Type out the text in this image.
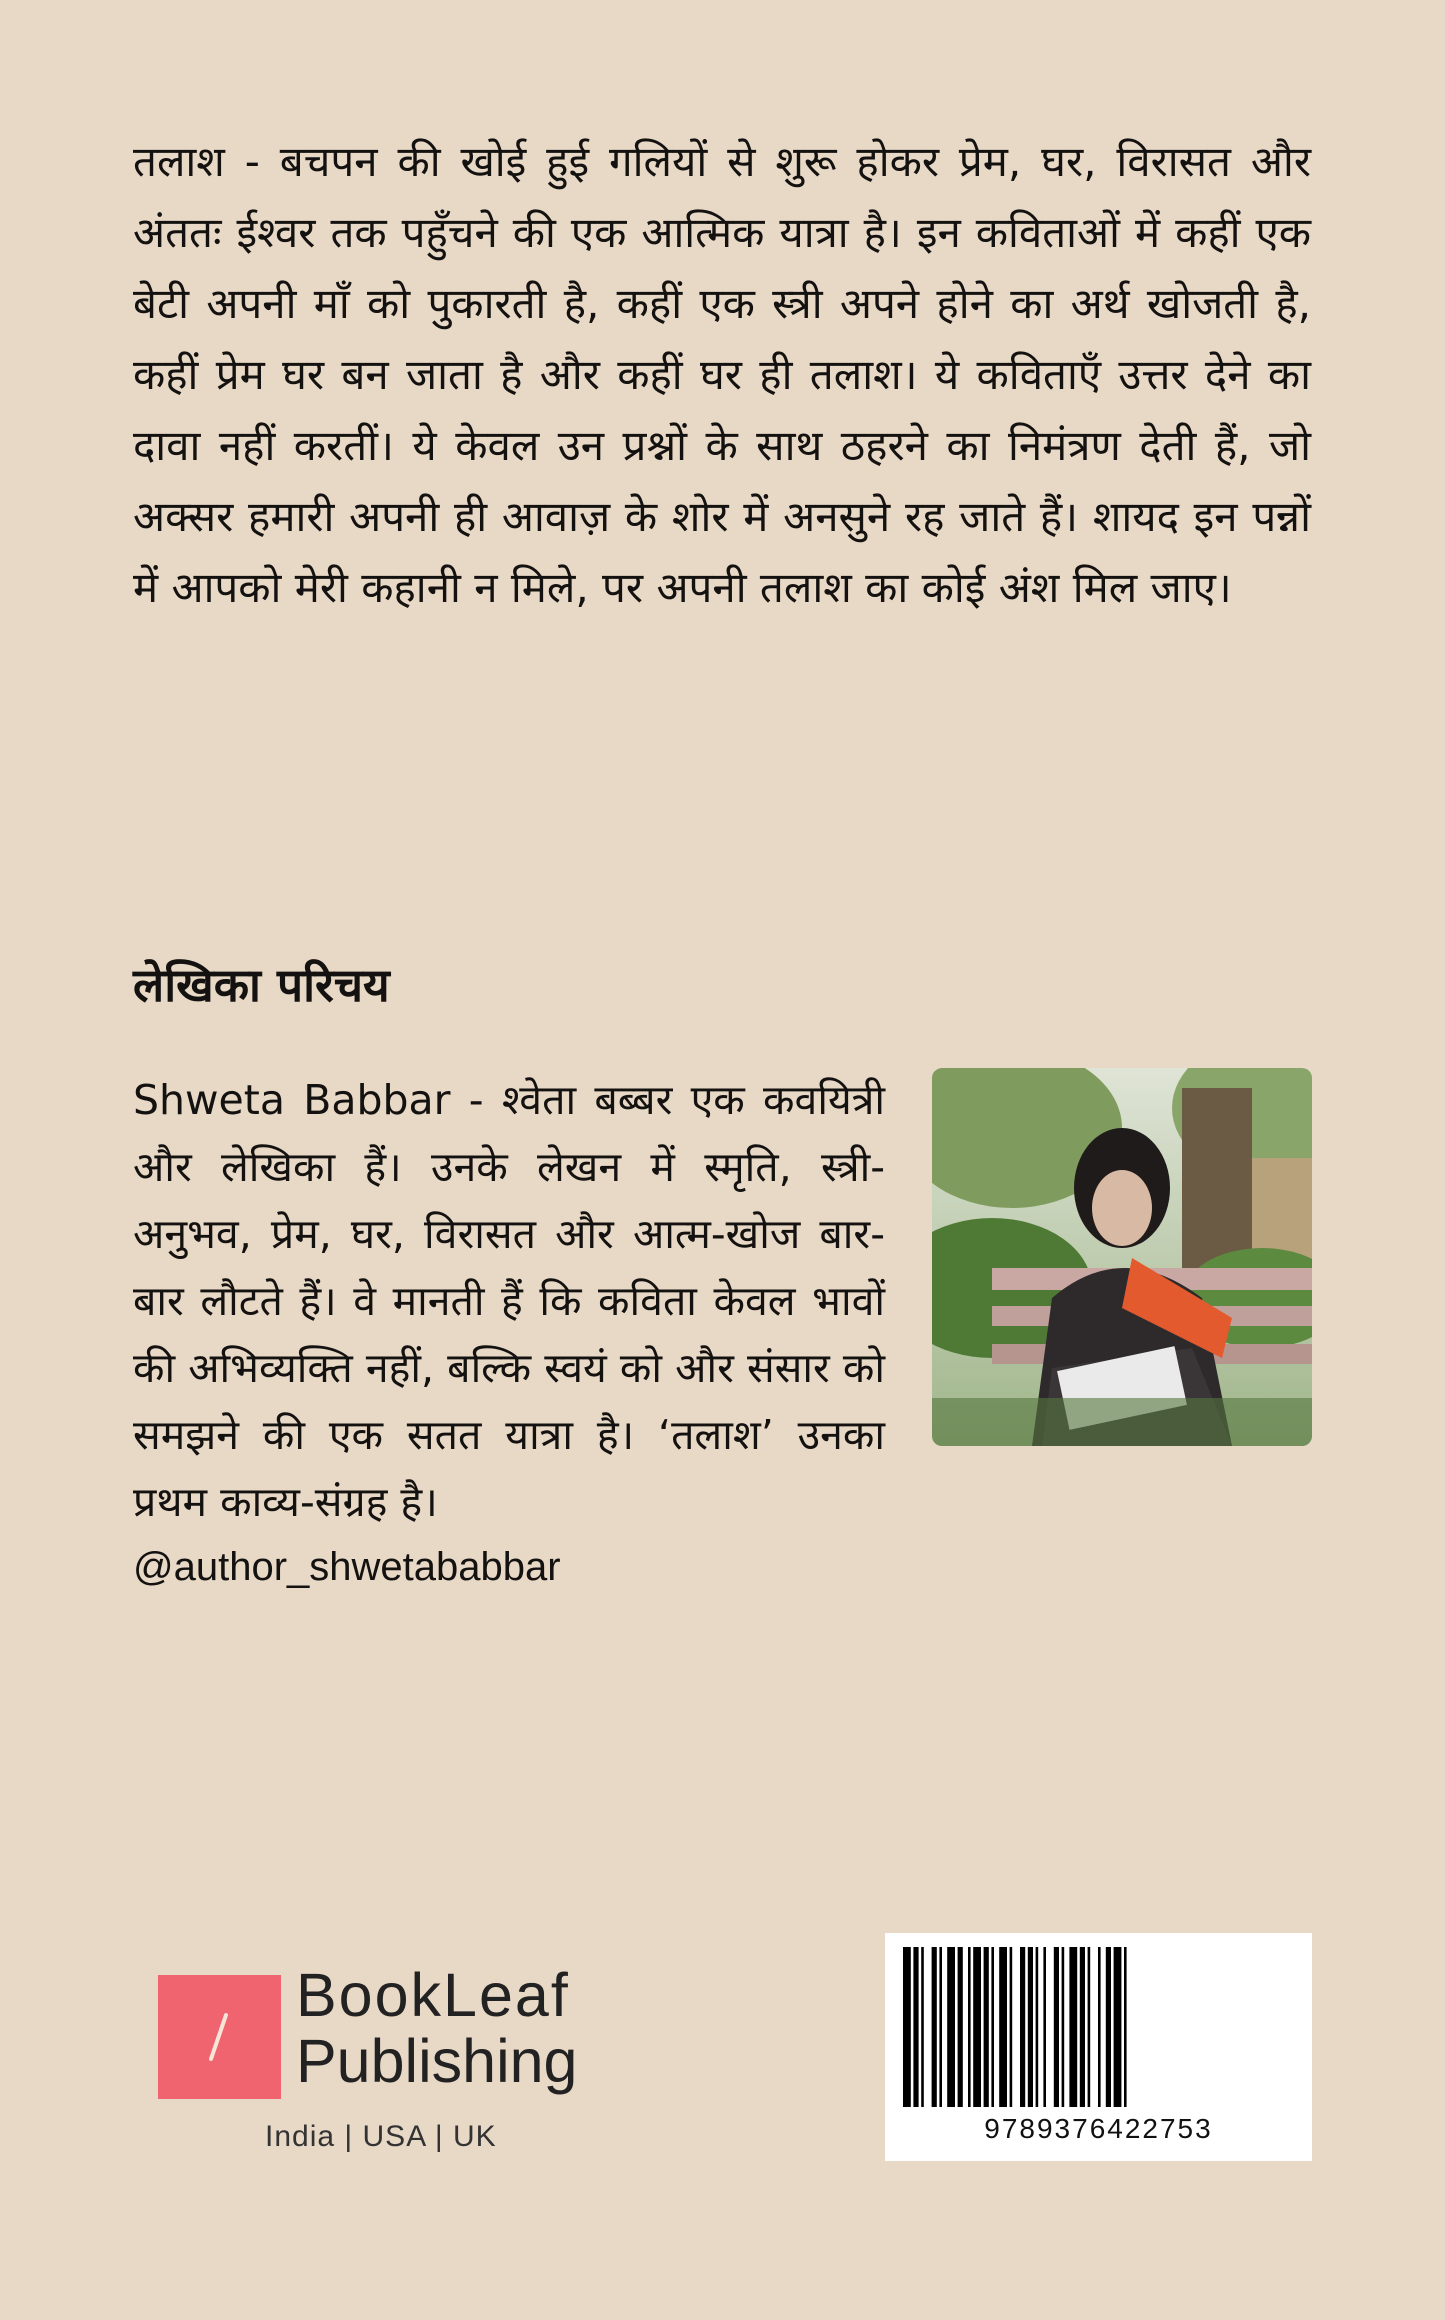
तलाश - बचपन की खोई हुई गलियों से शुरू होकर प्रेम, घर, विरासत और अंततः ईश्वर तक पहुँचने की एक आत्मिक यात्रा है। इन कविताओं में कहीं एक बेटी अपनी माँ को पुकारती है, कहीं एक स्त्री अपने होने का अर्थ खोजती है, कहीं प्रेम घर बन जाता है और कहीं घर ही तलाश। ये कविताएँ उत्तर देने का दावा नहीं करतीं। ये केवल उन प्रश्नों के साथ ठहरने का निमंत्रण देती हैं, जो अक्सर हमारी अपनी ही आवाज़ के शोर में अनसुने रह जाते हैं। शायद इन पन्नों में आपको मेरी कहानी न मिले, पर अपनी तलाश का कोई अंश मिल जाए।

लेखिका परिचय

Shweta Babbar - श्वेता बब्बर एक कवयित्री और लेखिका हैं। उनके लेखन में स्मृति, स्त्री-अनुभव, प्रेम, घर, विरासत और आत्म-खोज बार-बार लौटते हैं। वे मानती हैं कि कविता केवल भावों की अभिव्यक्ति नहीं, बल्कि स्वयं को और संसार को समझने की एक सतत यात्रा है। ‘तलाश’ उनका प्रथम काव्य-संग्रह है।

@author_shwetababbar
BookLeaf
Publishing
India | USA | UK	9789376422753
